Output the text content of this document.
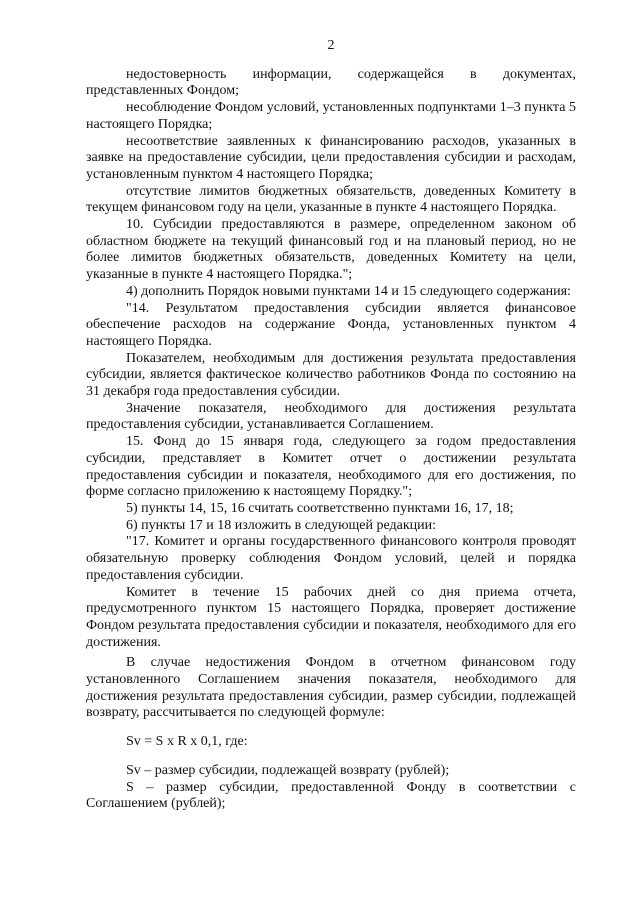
2

недостоверность информации, содержащейся в документах, представленных Фондом;

несоблюдение Фондом условий, установленных подпунктами 1–3 пункта 5 настоящего Порядка;

несоответствие заявленных к финансированию расходов, указанных в заявке на предоставление субсидии, цели предоставления субсидии и расходам, установленным пунктом 4 настоящего Порядка;

отсутствие лимитов бюджетных обязательств, доведенных Комитету в текущем финансовом году на цели, указанные в пункте 4 настоящего Порядка.

10. Субсидии предоставляются в размере, определенном законом об областном бюджете на текущий финансовый год и на плановый период, но не более лимитов бюджетных обязательств, доведенных Комитету на цели, указанные в пункте 4 настоящего Порядка.";

4) дополнить Порядок новыми пунктами 14 и 15 следующего содержания:

"14. Результатом предоставления субсидии является финансовое обеспечение расходов на содержание Фонда, установленных пунктом 4 настоящего Порядка.

Показателем, необходимым для достижения результата предоставления субсидии, является фактическое количество работников Фонда по состоянию на 31 декабря года предоставления субсидии.

Значение показателя, необходимого для достижения результата предоставления субсидии, устанавливается Соглашением.

15. Фонд до 15 января года, следующего за годом предоставления субсидии, представляет в Комитет отчет о достижении результата предоставления субсидии и показателя, необходимого для его достижения, по форме согласно приложению к настоящему Порядку.";

5) пункты 14, 15, 16 считать соответственно пунктами 16, 17, 18;

6) пункты 17 и 18 изложить в следующей редакции:

"17. Комитет и органы государственного финансового контроля проводят обязательную проверку соблюдения Фондом условий, целей и порядка предоставления субсидии.

Комитет в течение 15 рабочих дней со дня приема отчета, предусмотренного пунктом 15 настоящего Порядка, проверяет достижение Фондом результата предоставления субсидии и показателя, необходимого для его достижения.

В случае недостижения Фондом в отчетном финансовом году установленного Соглашением значения показателя, необходимого для достижения результата предоставления субсидии, размер субсидии, подлежащей возврату, рассчитывается по следующей формуле:

Sv = S x R x 0,1, где:

Sv – размер субсидии, подлежащей возврату (рублей);

S – размер субсидии, предоставленной Фонду в соответствии с Соглашением (рублей);
